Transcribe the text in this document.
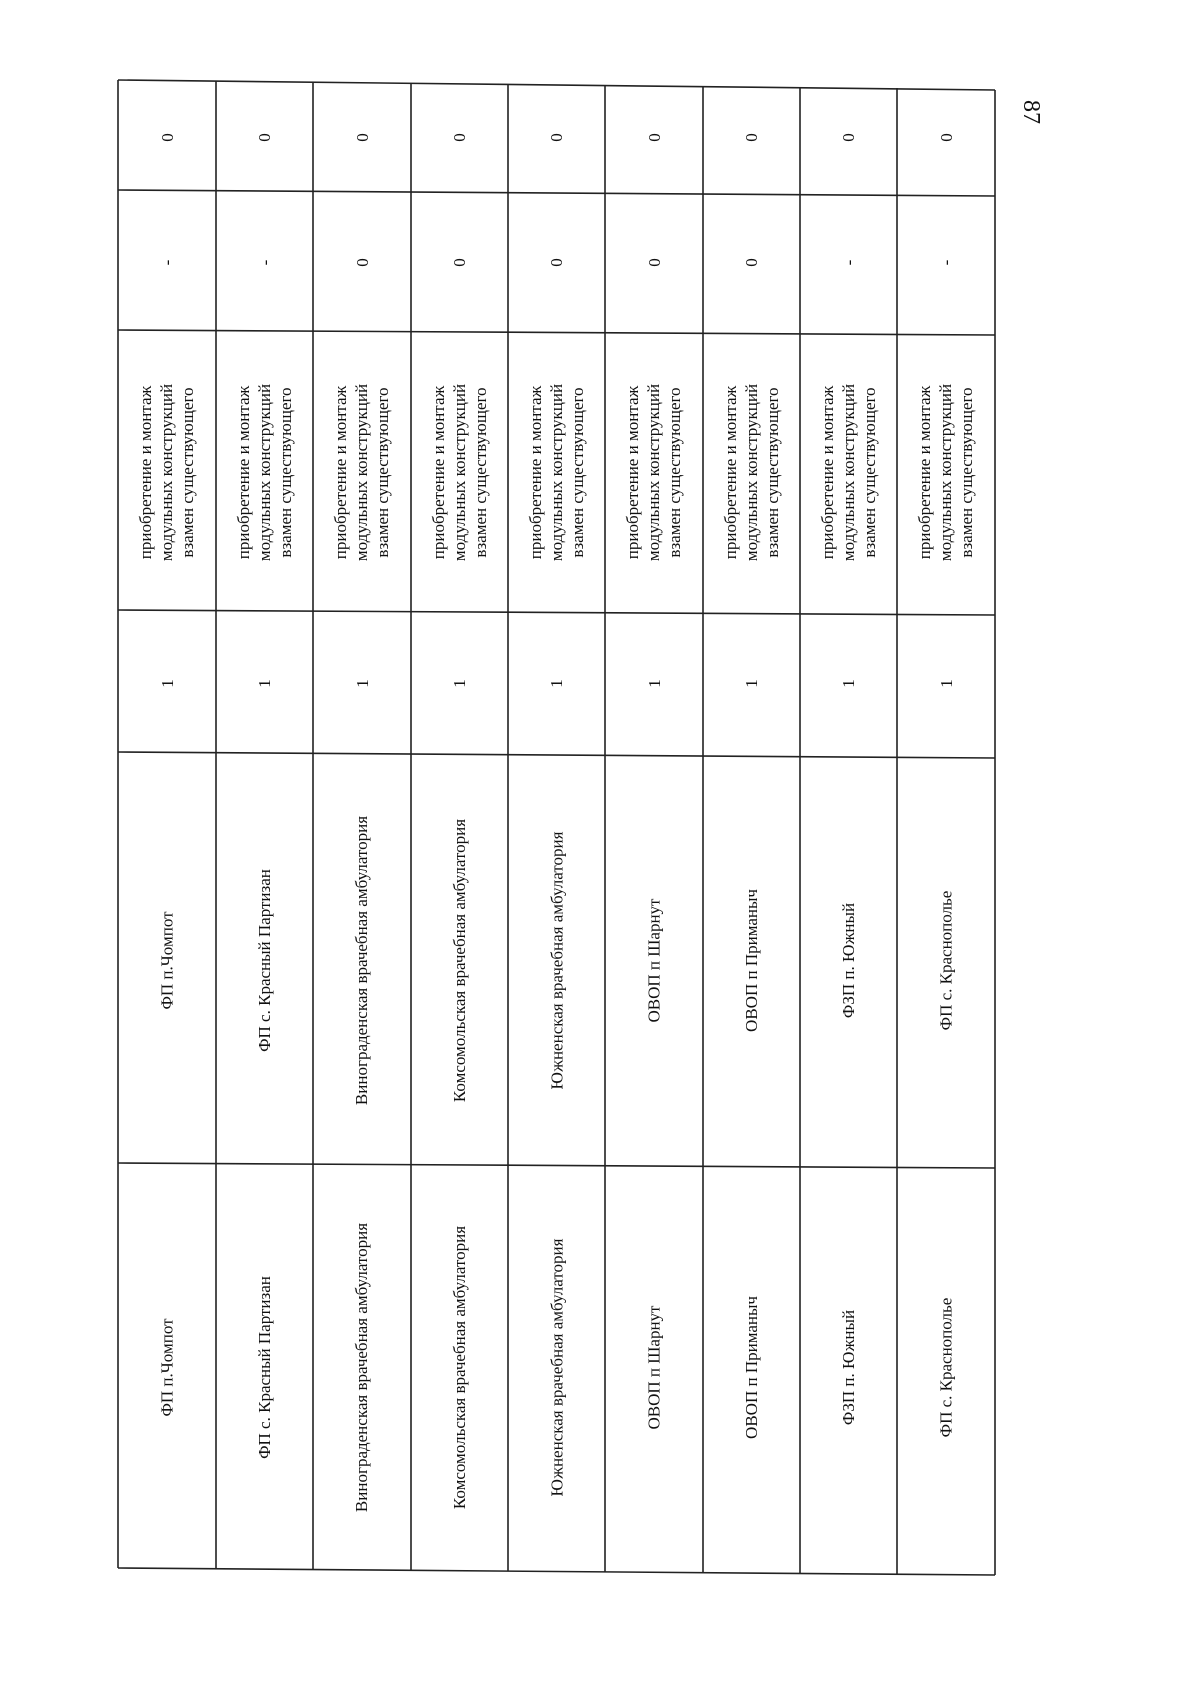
87
0
-
приобретение и монтаж модульных конструкций взамен существующего
1
ФП п.Чомпот
ФП п.Чомпот
0
-
приобретение и монтаж модульных конструкций взамен существующего
1
ФП с. Красный Партизан
ФП с. Красный Партизан
0
0
приобретение и монтаж модульных конструкций взамен существующего
1
Винограденская врачебная амбулатория
Винограденская врачебная амбулатория
0
0
приобретение и монтаж модульных конструкций взамен существующего
1
Комсомольская врачебная амбулатория
Комсомольская врачебная амбулатория
0
0
приобретение и монтаж модульных конструкций взамен существующего
1
Южненская врачебная амбулатория
Южненская врачебная амбулатория
0
0
приобретение и монтаж модульных конструкций взамен существующего
1
ОВОП п Шарнут
ОВОП п Шарнут
0
0
приобретение и монтаж модульных конструкций взамен существующего
1
ОВОП п Приманыч
ОВОП п Приманыч
0
-
приобретение и монтаж модульных конструкций взамен существующего
1
ФЗП п. Южный
ФЗП п. Южный
0
-
приобретение и монтаж модульных конструкций взамен существующего
1
ФП с. Краснополье
ФП с. Краснополье
